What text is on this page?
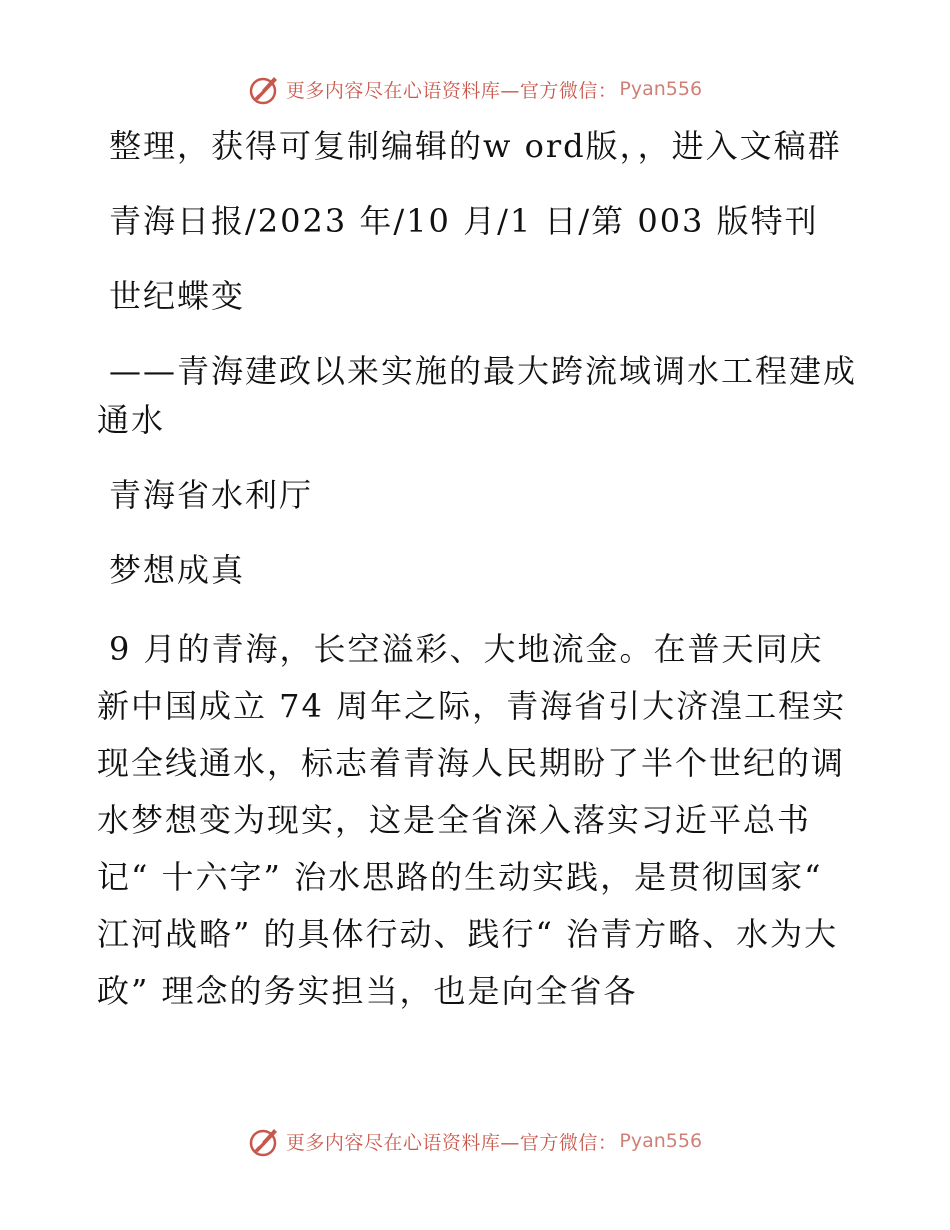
更多内容尽在心语资料库—官方微信： Pyan556

整理，获得可复制编辑的w ord版，，进入文稿群

青海日报/2023 年/10 月/1 日/第 003 版特刊

世纪蝶变

——青海建政以来实施的最大跨流域调水工程建成通水

青海省水利厅

梦想成真

9 月的青海，长空溢彩、大地流金。在普天同庆新中国成立 74 周年之际，青海省引大济湟工程实现全线通水，标志着青海人民期盼了半个世纪的调水梦想变为现实，这是全省深入落实习近平总书记“ 十六字” 治水思路的生动实践，是贯彻国家“ 江河战略” 的具体行动、践行“ 治青方略、水为大政” 理念的务实担当，也是向全省各

更多内容尽在心语资料库—官方微信： Pyan556
